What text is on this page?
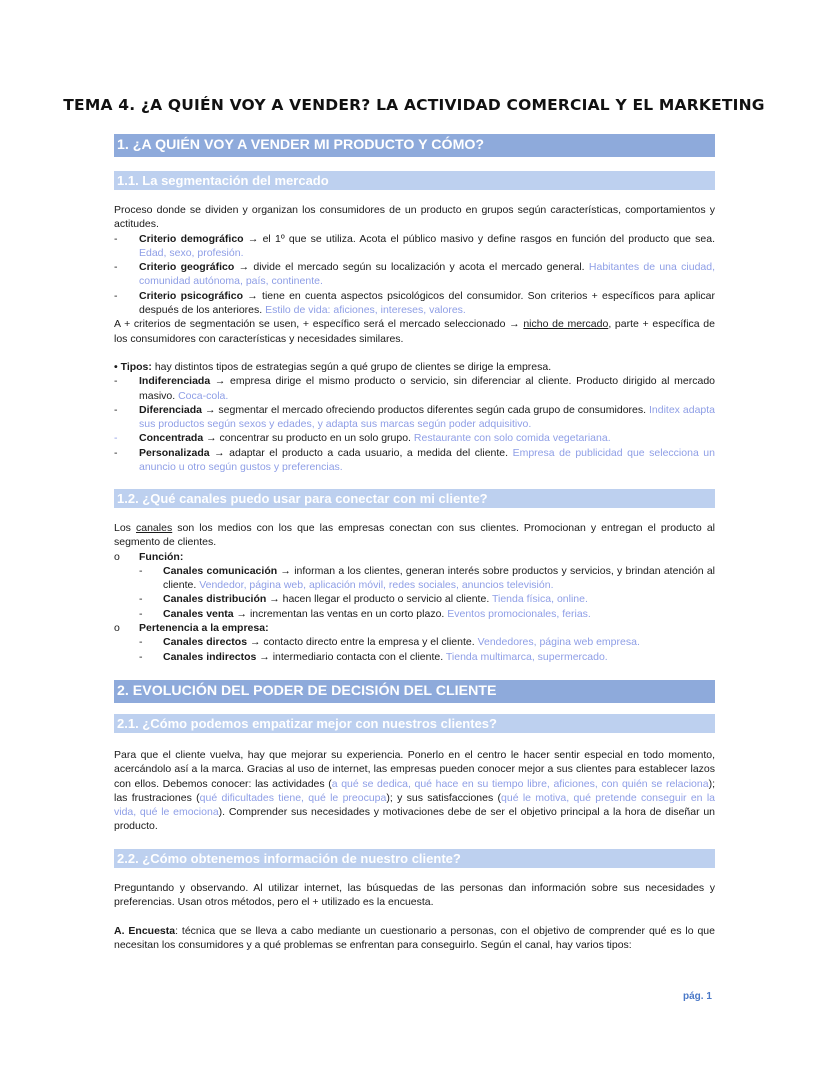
TEMA 4. ¿A QUIÉN VOY A VENDER? LA ACTIVIDAD COMERCIAL Y EL MARKETING
1. ¿A QUIÉN VOY A VENDER MI PRODUCTO Y CÓMO?
1.1. La segmentación del mercado

Proceso donde se dividen y organizan los consumidores de un producto en grupos según características, comportamientos y actitudes.

- Criterio demográfico → el 1º que se utiliza. Acota el público masivo y define rasgos en función del producto que sea. Edad, sexo, profesión.
- Criterio geográfico → divide el mercado según su localización y acota el mercado general. Habitantes de una ciudad, comunidad autónoma, país, continente.
- Criterio psicográfico → tiene en cuenta aspectos psicológicos del consumidor. Son criterios + específicos para aplicar después de los anteriores. Estilo de vida: aficiones, intereses, valores.

A + criterios de segmentación se usen, + específico será el mercado seleccionado → nicho de mercado, parte + específica de los consumidores con características y necesidades similares.

• Tipos: hay distintos tipos de estrategias según a qué grupo de clientes se dirige la empresa.

- Indiferenciada → empresa dirige el mismo producto o servicio, sin diferenciar al cliente. Producto dirigido al mercado masivo. Coca-cola.
- Diferenciada → segmentar el mercado ofreciendo productos diferentes según cada grupo de consumidores. Inditex adapta sus productos según sexos y edades, y adapta sus marcas según poder adquisitivo.
- Concentrada → concentrar su producto en un solo grupo. Restaurante con solo comida vegetariana.
- Personalizada → adaptar el producto a cada usuario, a medida del cliente. Empresa de publicidad que selecciona un anuncio u otro según gustos y preferencias.
1.2. ¿Qué canales puedo usar para conectar con mi cliente?

Los canales son los medios con los que las empresas conectan con sus clientes. Promocionan y entregan el producto al segmento de clientes.

o Función:
- Canales comunicación → informan a los clientes, generan interés sobre productos y servicios, y brindan atención al cliente. Vendedor, página web, aplicación móvil, redes sociales, anuncios televisión.
- Canales distribución → hacen llegar el producto o servicio al cliente. Tienda física, online.
- Canales venta → incrementan las ventas en un corto plazo. Eventos promocionales, ferias.
o Pertenencia a la empresa:
- Canales directos → contacto directo entre la empresa y el cliente. Vendedores, página web empresa.
- Canales indirectos → intermediario contacta con el cliente. Tienda multimarca, supermercado.
2. EVOLUCIÓN DEL PODER DE DECISIÓN DEL CLIENTE
2.1. ¿Cómo podemos empatizar mejor con nuestros clientes?

Para que el cliente vuelva, hay que mejorar su experiencia. Ponerlo en el centro le hacer sentir especial en todo momento, acercándolo así a la marca. Gracias al uso de internet, las empresas pueden conocer mejor a sus clientes para establecer lazos con ellos. Debemos conocer: las actividades (a qué se dedica, qué hace en su tiempo libre, aficiones, con quién se relaciona); las frustraciones (qué dificultades tiene, qué le preocupa); y sus satisfacciones (qué le motiva, qué pretende conseguir en la vida, qué le emociona). Comprender sus necesidades y motivaciones debe de ser el objetivo principal a la hora de diseñar un producto.

2.2. ¿Cómo obtenemos información de nuestro cliente?

Preguntando y observando. Al utilizar internet, las búsquedas de las personas dan información sobre sus necesidades y preferencias. Usan otros métodos, pero el + utilizado es la encuesta.

A. Encuesta: técnica que se lleva a cabo mediante un cuestionario a personas, con el objetivo de comprender qué es lo que necesitan los consumidores y a qué problemas se enfrentan para conseguirlo. Según el canal, hay varios tipos:

pág. 1
